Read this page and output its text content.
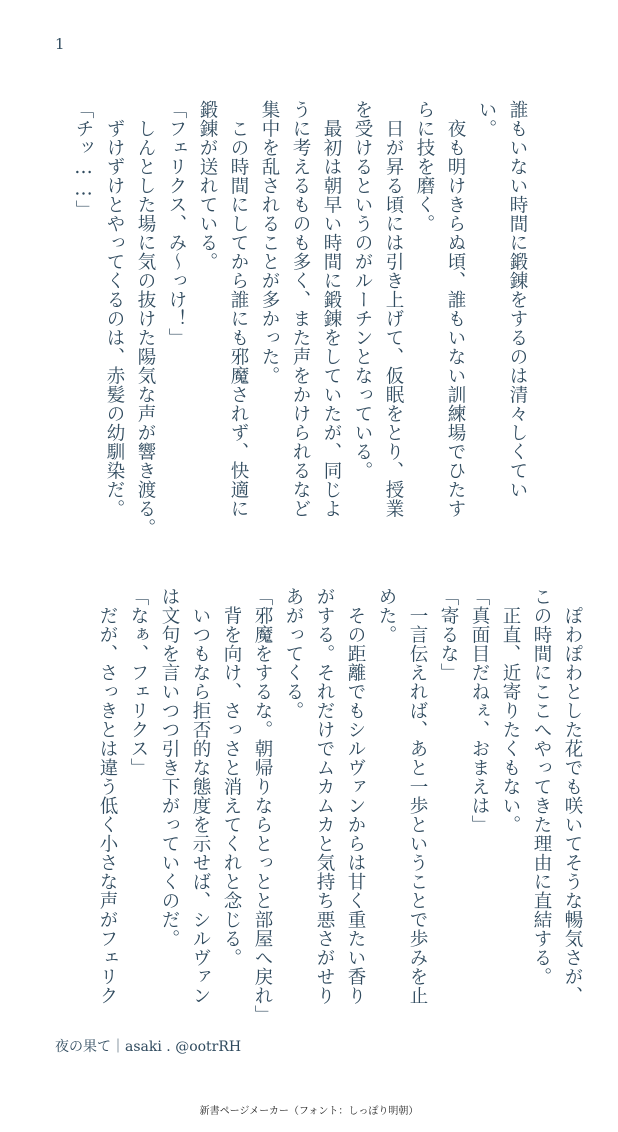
1

誰もいない時間に鍛錬をするのは清々しくてい

い。

　夜も明けきらぬ頃、誰もいない訓練場でひたす

らに技を磨く。

　日が昇る頃には引き上げて、仮眠をとり、授業

を受けるというのがルーチンとなっている。

　最初は朝早い時間に鍛錬をしていたが、同じよ

うに考えるものも多く、また声をかけられるなど

集中を乱されることが多かった。

　この時間にしてから誰にも邪魔されず、快適に

鍛錬が送れている。

「フェリクス、み〜っけ！」

　しんとした場に気の抜けた陽気な声が響き渡る。

　ずけずけとやってくるのは、赤髪の幼馴染だ。

「チッ……」

　ぽわぽわとした花でも咲いてそうな暢気さが、

この時間にここへやってきた理由に直結する。

　正直、近寄りたくもない。

「真面目だねぇ、おまえは」

「寄るな」

　一言伝えれば、あと一歩ということで歩みを止

めた。

　その距離でもシルヴァンからは甘く重たい香り

がする。それだけでムカムカと気持ち悪さがせり

あがってくる。

「邪魔をするな。朝帰りならとっとと部屋へ戻れ」

　背を向け、さっさと消えてくれと念じる。

　いつもなら拒否的な態度を示せば、シルヴァン

は文句を言いつつ引き下がっていくのだ。

「なぁ、フェリクス」

　だが、さっきとは違う低く小さな声がフェリク

夜の果て｜asaki . @ootrRH
新書ページメーカー（フォント：しっぽり明朝）
